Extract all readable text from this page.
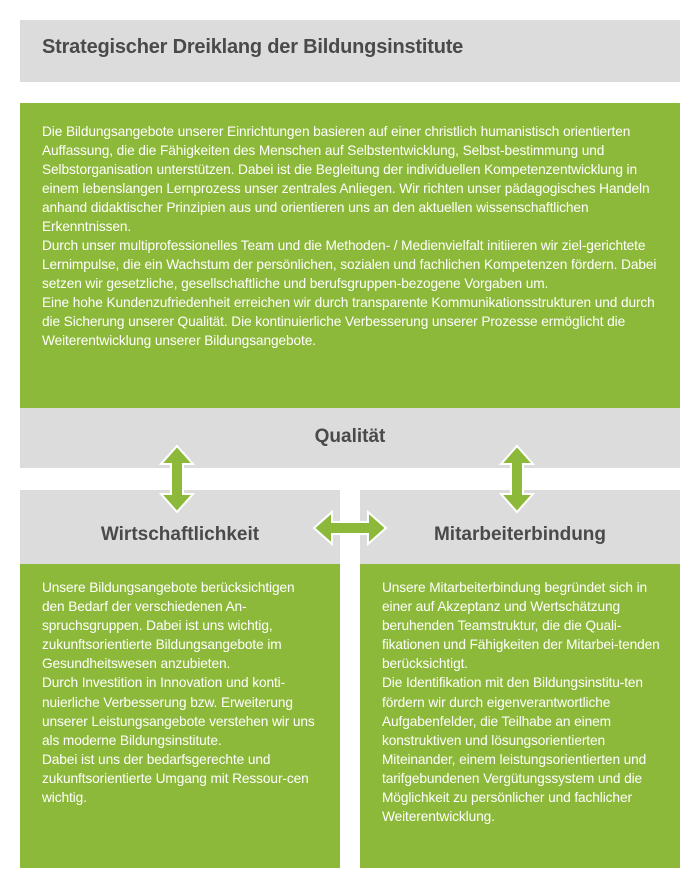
Strategischer Dreiklang der Bildungsinstitute

Die Bildungsangebote unserer Einrichtungen basieren auf einer christlich humanistisch orientierten Auffassung, die die Fähigkeiten des Menschen auf Selbstentwicklung, Selbst-bestimmung und Selbstorganisation unterstützen. Dabei ist die Begleitung der individuellen Kompetenzentwicklung in einem lebenslangen Lernprozess unser zentrales Anliegen. Wir richten unser pädagogisches Handeln anhand didaktischer Prinzipien aus und orientieren uns an den aktuellen wissenschaftlichen Erkenntnissen.

Durch unser multiprofessionelles Team und die Methoden- / Medienvielfalt initiieren wir ziel-gerichtete Lernimpulse, die ein Wachstum der persönlichen, sozialen und fachlichen Kompetenzen fördern. Dabei setzen wir gesetzliche, gesellschaftliche und berufsgruppen-bezogene Vorgaben um.

Eine hohe Kundenzufriedenheit erreichen wir durch transparente Kommunikationsstrukturen und durch die Sicherung unserer Qualität. Die kontinuierliche Verbesserung unserer Prozesse ermöglicht die Weiterentwicklung unserer Bildungsangebote.

Qualität
Wirtschaftlichkeit	Mitarbeiterbindung

Unsere Bildungsangebote berücksichtigen den Bedarf der verschiedenen An-spruchsgruppen. Dabei ist uns wichtig, zukunftsorientierte Bildungsangebote im Gesundheitswesen anzubieten.

Durch Investition in Innovation und konti-nuierliche Verbesserung bzw. Erweiterung unserer Leistungsangebote verstehen wir uns als moderne Bildungsinstitute.

Dabei ist uns der bedarfsgerechte und zukunftsorientierte Umgang mit Ressour-cen wichtig.

Unsere Mitarbeiterbindung begründet sich in einer auf Akzeptanz und Wertschätzung beruhenden Teamstruktur, die die Quali-fikationen und Fähigkeiten der Mitarbei-tenden berücksichtigt.

Die Identifikation mit den Bildungsinstitu-ten fördern wir durch eigenverantwortliche Aufgabenfelder, die Teilhabe an einem konstruktiven und lösungsorientierten Miteinander, einem leistungsorientierten und tarifgebundenen Vergütungssystem und die Möglichkeit zu persönlicher und fachlicher Weiterentwicklung.
